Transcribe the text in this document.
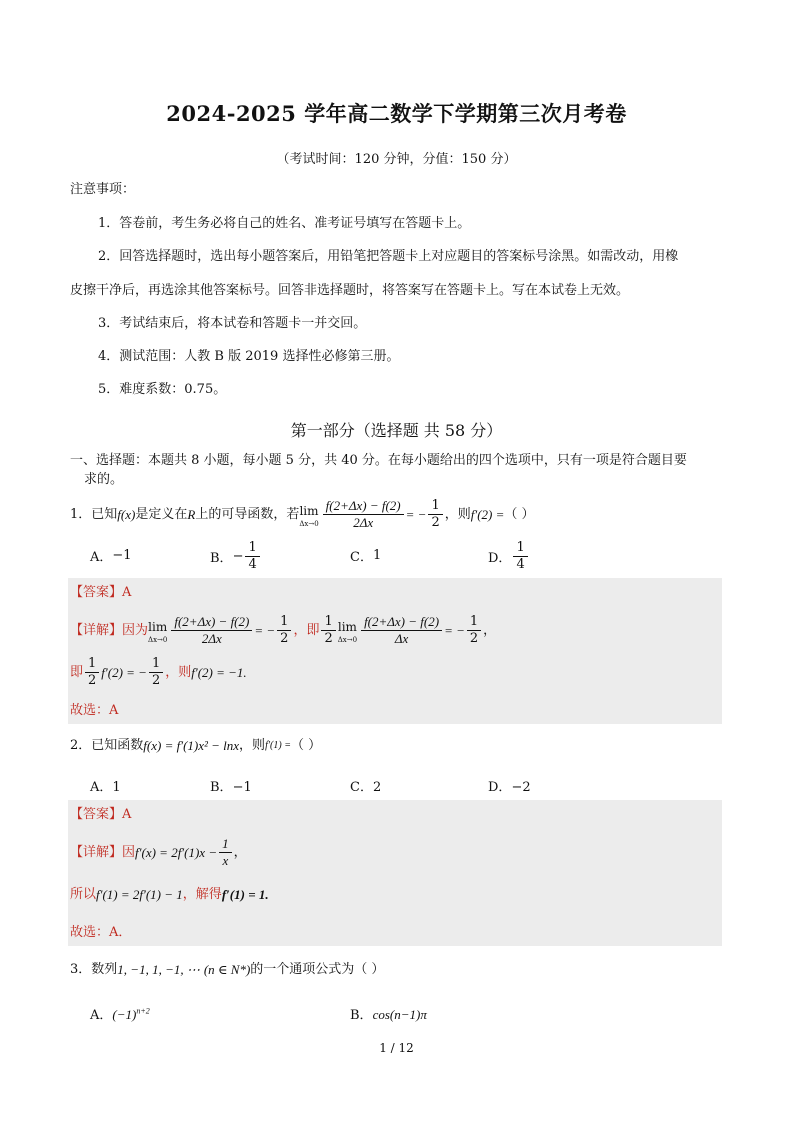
2024-2025 学年高二数学下学期第三次月考卷
（考试时间：120 分钟，分值：150 分）
注意事项：
1．答卷前，考生务必将自己的姓名、准考证号填写在答题卡上。
2．回答选择题时，选出每小题答案后，用铅笔把答题卡上对应题目的答案标号涂黑。如需改动，用橡
皮擦干净后，再选涂其他答案标号。回答非选择题时，将答案写在答题卡上。写在本试卷上无效。
3．考试结束后，将本试卷和答题卡一并交回。
4．测试范围：人教 B 版 2019 选择性必修第三册。
5．难度系数：0.75。
第一部分（选择题 共 58 分）
一、选择题：本题共 8 小题，每小题 5 分，共 40 分。在每小题给出的四个选项中，只有一项是符合题目要
求的。
1． 已知 f(x) 是定义在 R 上的可导函数，若 lim
$\Delta x\to 0 \frac{f(2+\Delta x) - f(2)}{2\Delta x}$ = − $\frac{1}{2}$ ，则 f′(2) = （ ）
A． −1	B． − $\frac{1}{4}$	C． 1	D． $\frac{1}{4}$
【答案】A
【详解】 因为 lim
$\Delta x\to 0 \frac{f(2+\Delta x) - f(2)}{2\Delta x}$ = − $\frac{1}{2}$ ，即 $\frac{1}{2}$ lim
$\Delta x\to 0 \frac{f(2+\Delta x) - f(2)}{\Delta x}$ = − $\frac{1}{2}$ ，
即 $\frac{1}{2} f'(2)$ = − $\frac{1}{2}$ ，则 f′(2) = −1.
故选：A
2． 已知函数 f(x) = f′(1)x² − lnx ，则 f′(1) = （ ）
A．1	B．−1	C．2	D．−2
【答案】A
【详解】 因 $f'(x) = 2f'(1)x - \frac{1}{x}$ ，
所以 f′(1) = 2f′(1) − 1 ，解得 f′(1) = 1.
故选：A．
3． 数列 1, −1, 1, −1, ⋯ (n ∈ N*) 的一个通项公式为（ ）
A．$(-1)^{n+2}$	B．cos(n−1)π
1 / 12
